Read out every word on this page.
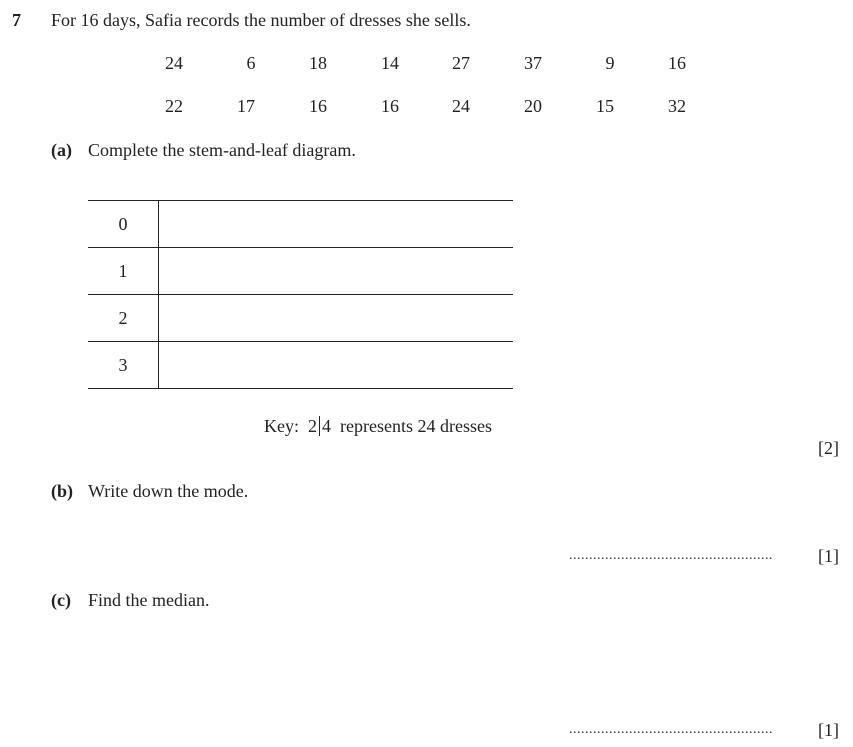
7 For 16 days, Safia records the number of dresses she sells.
24	6	18	14	27	37	9	16
22	17	16	16	24	20	15	32
(a) Complete the stem-and-leaf diagram.
0
1
2
3
Key: 2 4 represents 24 dresses
[2]
(b) Write down the mode.
...................................................	[1]
(c) Find the median.
...................................................	[1]
